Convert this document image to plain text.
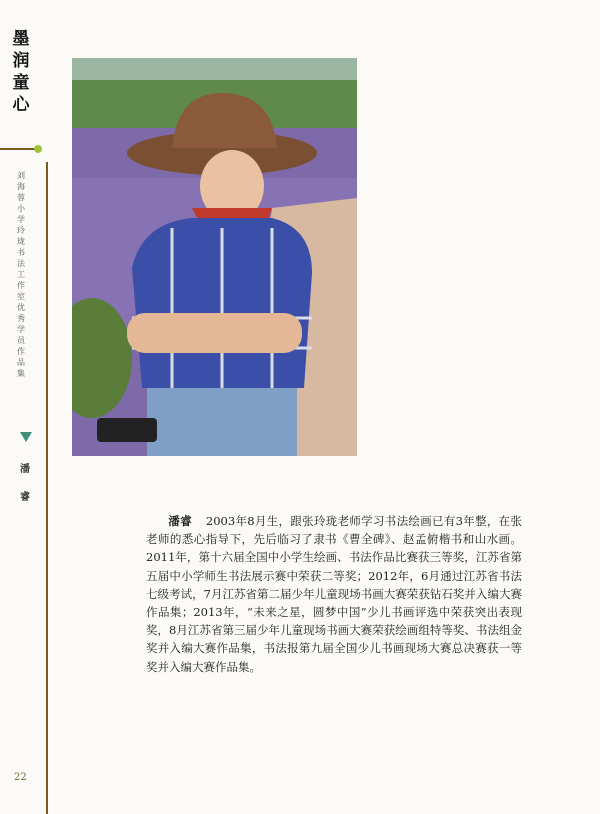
墨润童心
刘海蓉小学玲珑书法工作室优秀学员作品集
潘睿
22
潘睿 2003年8月生，跟张玲珑老师学习书法绘画已有3年整，在张老师的悉心指导下，先后临习了隶书《曹全碑》、赵孟俯楷书和山水画。2011年，第十六届全国中小学生绘画、书法作品比赛获三等奖，江苏省第五届中小学师生书法展示赛中荣获二等奖；2012年，6月通过江苏省书法七级考试，7月江苏省第二届少年儿童现场书画大赛荣获钻石奖并入编大赛作品集；2013年，“未来之星，圆梦中国”少儿书画评选中荣获突出表现奖，8月江苏省第三届少年儿童现场书画大赛荣获绘画组特等奖、书法组金奖并入编大赛作品集，书法报第九届全国少儿书画现场大赛总决赛获一等奖并入编大赛作品集。
